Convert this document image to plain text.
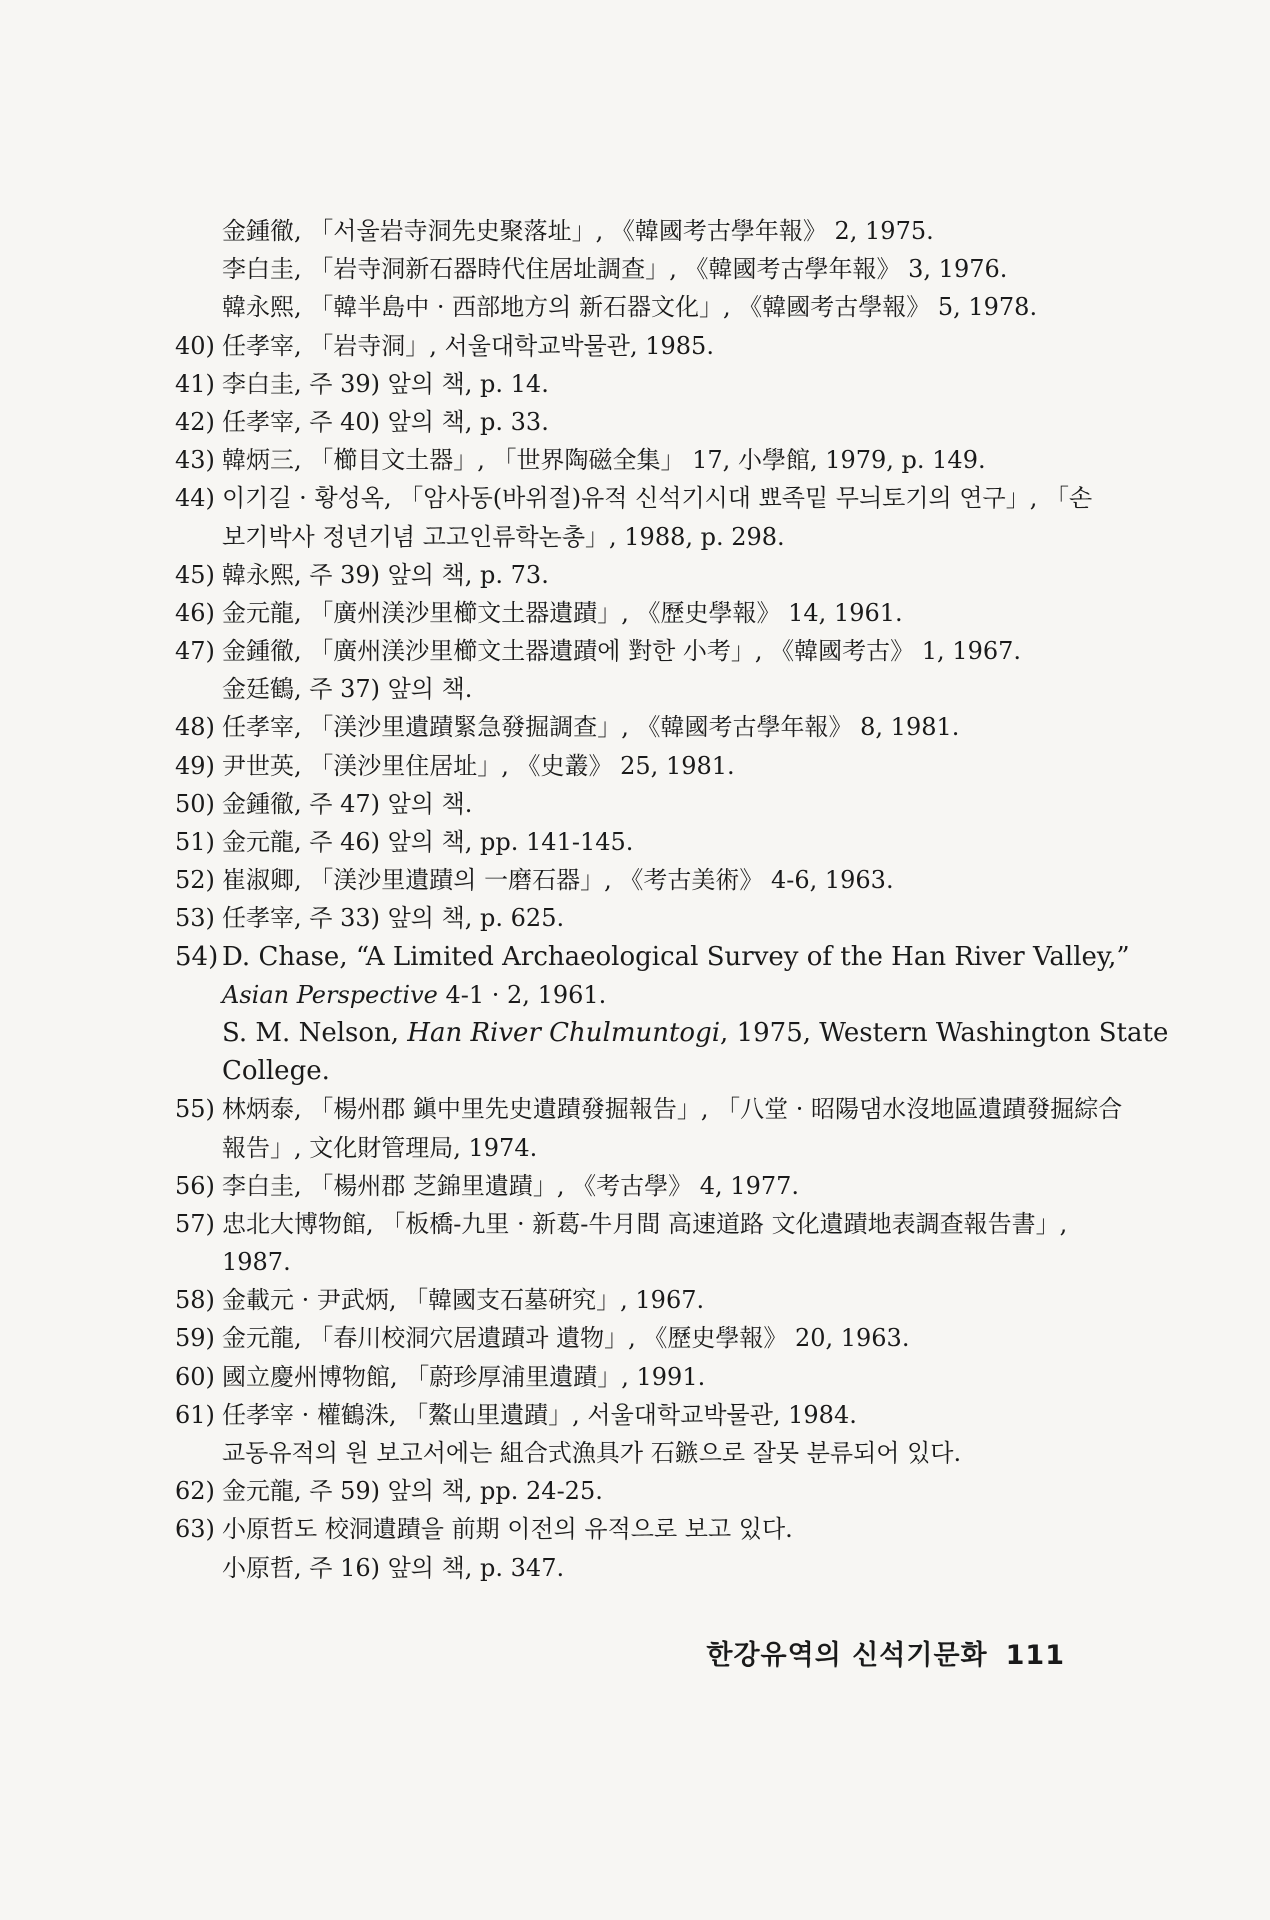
金鍾徹, 「서울岩寺洞先史聚落址」, 《韓國考古學年報》 2, 1975.
李白圭, 「岩寺洞新石器時代住居址調查」, 《韓國考古學年報》 3, 1976.
韓永熙, 「韓半島中 · 西部地方의 新石器文化」, 《韓國考古學報》 5, 1978.
40) 任孝宰, 「岩寺洞」, 서울대학교박물관, 1985.
41) 李白圭, 주 39) 앞의 책, p. 14.
42) 任孝宰, 주 40) 앞의 책, p. 33.
43) 韓炳三, 「櫛目文土器」, 「世界陶磁全集」 17, 小學館, 1979, p. 149.
44) 이기길 · 황성옥, 「암사동(바위절)유적 신석기시대 뾰족밑 무늬토기의 연구」, 「손
보기박사 정년기념 고고인류학논총」, 1988, p. 298.
45) 韓永熙, 주 39) 앞의 책, p. 73.
46) 金元龍, 「廣州渼沙里櫛文土器遺蹟」, 《歷史學報》 14, 1961.
47) 金鍾徹, 「廣州渼沙里櫛文土器遺蹟에 對한 小考」, 《韓國考古》 1, 1967.
金廷鶴, 주 37) 앞의 책.
48) 任孝宰, 「渼沙里遺蹟緊急發掘調查」, 《韓國考古學年報》 8, 1981.
49) 尹世英, 「渼沙里住居址」, 《史叢》 25, 1981.
50) 金鍾徹, 주 47) 앞의 책.
51) 金元龍, 주 46) 앞의 책, pp. 141-145.
52) 崔淑卿, 「渼沙里遺蹟의 一磨石器」, 《考古美術》 4-6, 1963.
53) 任孝宰, 주 33) 앞의 책, p. 625.
54) D. Chase, “A Limited Archaeological Survey of the Han River Valley,”
Asian Perspective 4-1 · 2, 1961.
S. M. Nelson, Han River Chulmuntogi, 1975, Western Washington State
College.
55) 林炳泰, 「楊州郡 鎭中里先史遺蹟發掘報告」, 「八堂 · 昭陽댐水沒地區遺蹟發掘綜合
報告」, 文化財管理局, 1974.
56) 李白圭, 「楊州郡 芝錦里遺蹟」, 《考古學》 4, 1977.
57) 忠北大博物館, 「板橋-九里 · 新葛-牛月間 高速道路 文化遺蹟地表調查報告書」,
1987.
58) 金載元 · 尹武炳, 「韓國支石墓硏究」, 1967.
59) 金元龍, 「春川校洞穴居遺蹟과 遺物」, 《歷史學報》 20, 1963.
60) 國立慶州博物館, 「蔚珍厚浦里遺蹟」, 1991.
61) 任孝宰 · 權鶴洙, 「鰲山里遺蹟」, 서울대학교박물관, 1984.
교동유적의 원 보고서에는 組合式漁具가 石鏃으로 잘못 분류되어 있다.
62) 金元龍, 주 59) 앞의 책, pp. 24-25.
63) 小原哲도 校洞遺蹟을 前期 이전의 유적으로 보고 있다.
小原哲, 주 16) 앞의 책, p. 347.
한강유역의 신석기문화 111
